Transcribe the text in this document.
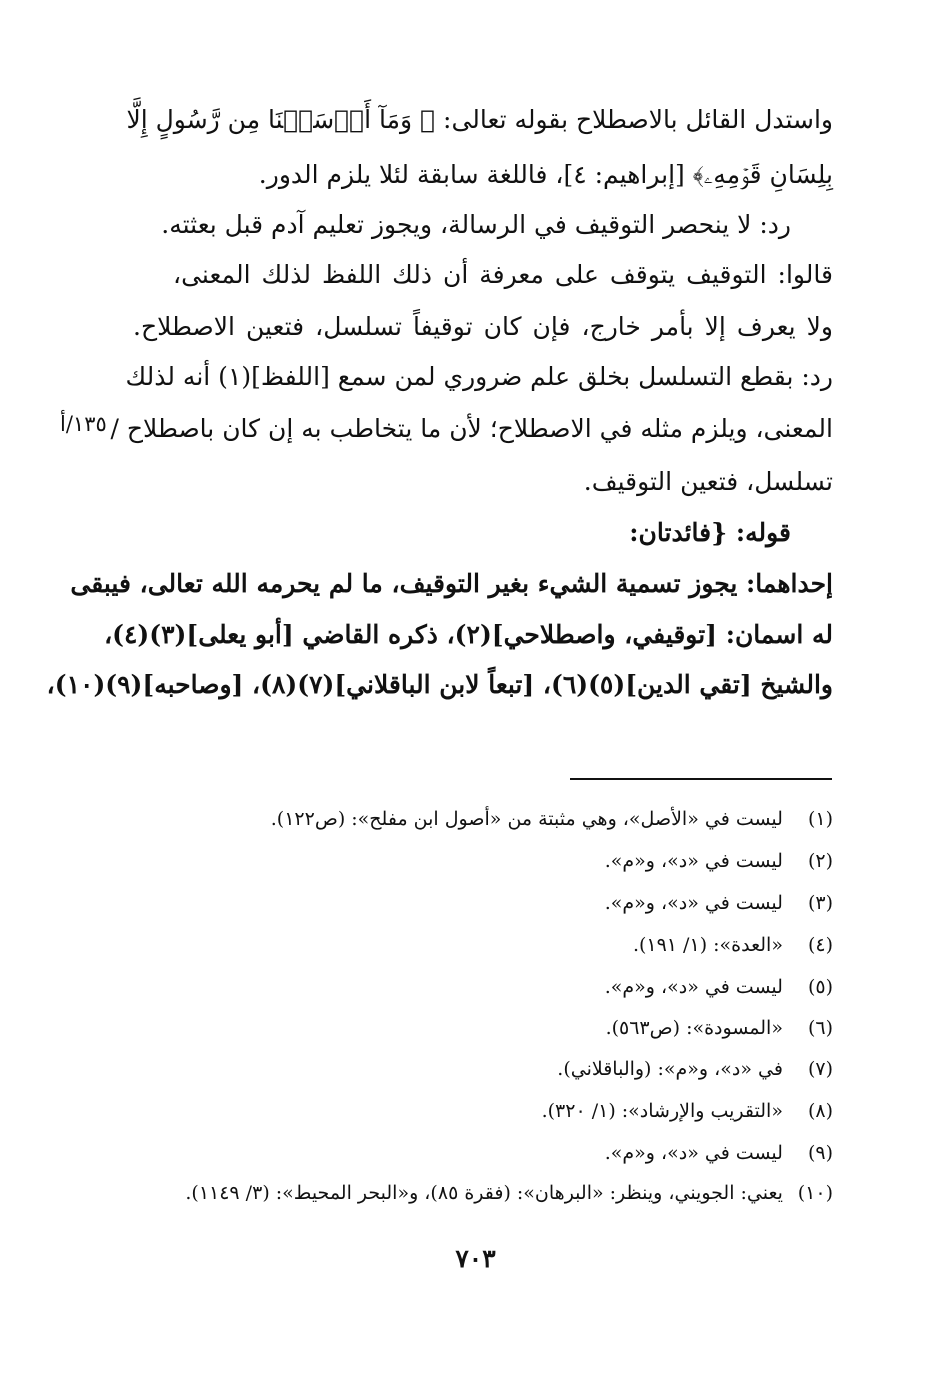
واستدل القائل بالاصطلاح بقوله تعالى: ﴿ وَمَآ أَرۡسَلۡنَا مِن رَّسُولٍ إِلَّا
بِلِسَانِ قَوۡمِهِۦ﴾ [إبراهيم: ٤]، فاللغة سابقة لئلا يلزم الدور.
رد: لا ينحصر التوقيف في الرسالة، ويجوز تعليم آدم قبل بعثته.
قالوا: التوقيف يتوقف على معرفة أن ذلك اللفظ لذلك المعنى،
ولا يعرف إلا بأمر خارج، فإن كان توقيفاً تسلسل، فتعين الاصطلاح.
رد: بقطع التسلسل بخلق علم ضروري لمن سمع [اللفظ](١) أنه لذلك
المعنى، ويلزم مثله في الاصطلاح؛ لأن ما يتخاطب به إن كان باصطلاح /
تسلسل، فتعين التوقيف.
قوله: {فائدتان:
إحداهما: يجوز تسمية الشيء بغير التوقيف، ما لم يحرمه الله تعالى، فيبقى
له اسمان: [توقيفي، واصطلاحي](٢)، ذكره القاضي [أبو يعلى](٣)(٤)،
والشيخ [تقي الدين](٥)(٦)، [تبعاً لابن الباقلاني](٧)(٨)، [وصاحبه](٩)(١٠)،
١٣٥/أ
(١) ليست في «الأصل»، وهي مثبتة من «أصول ابن مفلح»: (ص١٢٢).
(٢) ليست في «د»، و«م».
(٣) ليست في «د»، و«م».
(٤) «العدة»: (١/ ١٩١).
(٥) ليست في «د»، و«م».
(٦) «المسودة»: (ص٥٦٣).
(٧) في «د»، و«م»: (والباقلاني).
(٨) «التقريب والإرشاد»: (١/ ٣٢٠).
(٩) ليست في «د»، و«م».
(١٠) يعني: الجويني، وينظر: «البرهان»: (فقرة ٨٥)، و«البحر المحيط»: (٣/ ١١٤٩).
٧٠٣
